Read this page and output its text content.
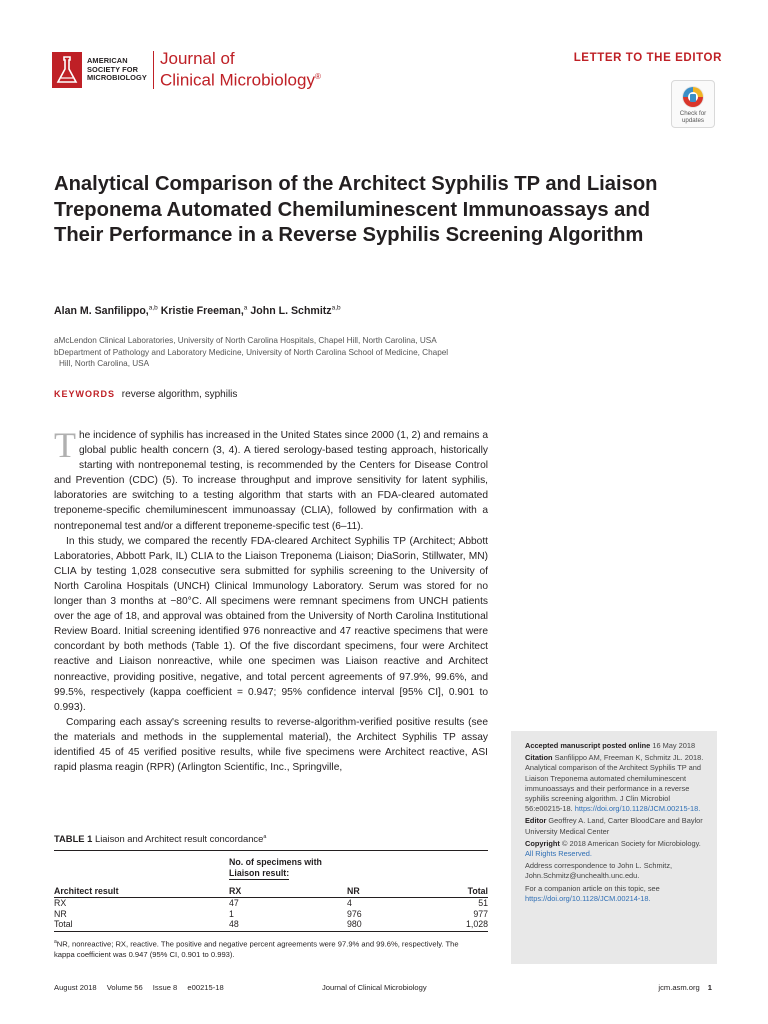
AMERICAN
SOCIETY FOR
MICROBIOLOGY
Journal of
Clinical Microbiology®
LETTER TO THE EDITOR
Check for
updates
Analytical Comparison of the Architect Syphilis TP and Liaison Treponema Automated Chemiluminescent Immunoassays and Their Performance in a Reverse Syphilis Screening Algorithm
Alan M. Sanfilippo,$^{a,b}$ Kristie Freeman,$^a$ John L. Schmitz$^{a,b}$
aMcLendon Clinical Laboratories, University of North Carolina Hospitals, Chapel Hill, North Carolina, USA
bDepartment of Pathology and Laboratory Medicine, University of North Carolina School of Medicine, Chapel
Hill, North Carolina, USA
KEYWORDS reverse algorithm, syphilis

The incidence of syphilis has increased in the United States since 2000 (1, 2) and remains a global public health concern (3, 4). A tiered serology-based testing approach, historically starting with nontreponemal testing, is recommended by the Centers for Disease Control and Prevention (CDC) (5). To increase throughput and improve sensitivity for latent syphilis, laboratories are switching to a testing algorithm that starts with an FDA-cleared automated treponeme-specific chemiluminescent immunoassay (CLIA), followed by confirmation with a nontreponemal test and/or a different treponeme-specific test (6–11).

In this study, we compared the recently FDA-cleared Architect Syphilis TP (Architect; Abbott Laboratories, Abbott Park, IL) CLIA to the Liaison Treponema (Liaison; DiaSorin, Stillwater, MN) CLIA by testing 1,028 consecutive sera submitted for syphilis screening to the University of North Carolina Hospitals (UNCH) Clinical Immunology Laboratory. Serum was stored for no longer than 3 months at −80°C. All specimens were remnant specimens from UNCH patients over the age of 18, and approval was obtained from the University of North Carolina Institutional Review Board. Initial screening identified 976 nonreactive and 47 reactive specimens that were concordant by both methods (Table 1). Of the five discordant specimens, four were Architect reactive and Liaison nonreactive, while one specimen was Liaison reactive and Architect nonreactive, providing positive, negative, and total percent agreements of 97.9%, 99.6%, and 99.5%, respectively (kappa coefficient = 0.947; 95% confidence interval [95% CI], 0.901 to 0.993).

Comparing each assay's screening results to reverse-algorithm-verified positive results (see the materials and methods in the supplemental material), the Architect Syphilis TP assay identified 45 of 45 verified positive results, while five specimens were Architect reactive, ASI rapid plasma reagin (RPR) (Arlington Scientific, Inc., Springville,

Accepted manuscript posted online 16 May 2018

Citation Sanfilippo AM, Freeman K, Schmitz JL. 2018. Analytical comparison of the Architect Syphilis TP and Liaison Treponema automated chemiluminescent immunoassays and their performance in a reverse syphilis screening algorithm. J Clin Microbiol 56:e00215-18. https://doi.org/10.1128/JCM.00215-18.

Editor Geoffrey A. Land, Carter BloodCare and Baylor University Medical Center

Copyright © 2018 American Society for Microbiology. All Rights Reserved.

Address correspondence to John L. Schmitz, John.Schmitz@unchealth.unc.edu.

For a companion article on this topic, see https://doi.org/10.1128/JCM.00214-18.

TABLE 1 Liaison and Architect result concordance$^a$

	No. of specimens with
Liaison result:		
Architect result	RX	NR	Total
RX	47	4	51
NR	1	976	977
Total	48	980	1,028
$^a$NR, nonreactive; RX, reactive. The positive and negative percent agreements were 97.9% and 99.6%, respectively. The kappa coefficient was 0.947 (95% CI, 0.901 to 0.993).
August 2018 Volume 56 Issue 8 e00215-18	Journal of Clinical Microbiology	jcm.asm.org 1
